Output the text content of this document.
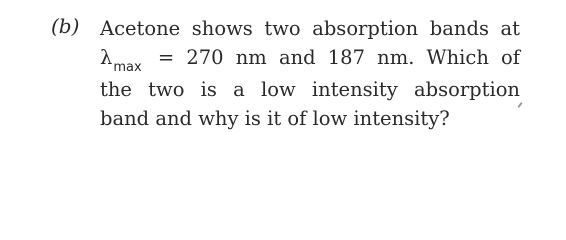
(b) Acetone shows two absorption bands at
$\lambda_{max} = 270$ nm and 187 nm. Which of
the two is a low intensity absorption
band and why is it of low intensity?
